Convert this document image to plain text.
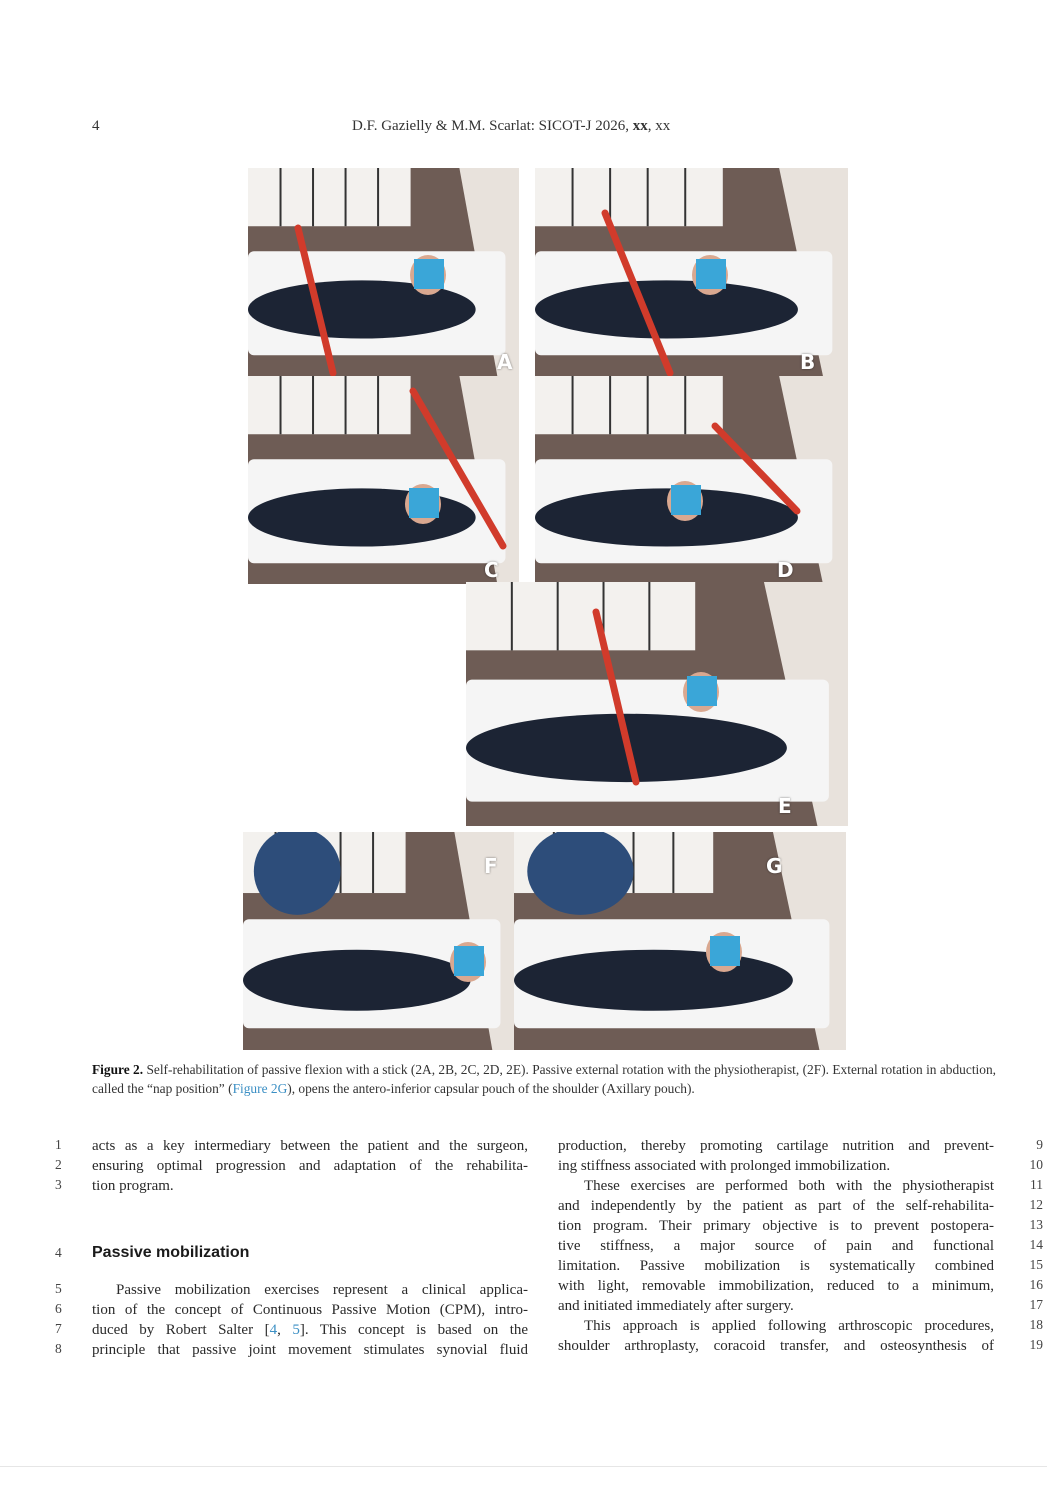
4	D.F. Gazielly & M.M. Scarlat: SICOT-J 2026, xx, xx
A	B
C	D
E
F	G
Figure 2. Self-rehabilitation of passive flexion with a stick (2A, 2B, 2C, 2D, 2E). Passive external rotation with the physiotherapist, (2F). External rotation in abduction, called the “nap position” (Figure 2G), opens the antero-inferior capsular pouch of the shoulder (Axillary pouch).
acts as a key intermediary between the patient and the surgeon,
ensuring optimal progression and adaptation of the rehabilita-
tion program.
Passive mobilization
Passive mobilization exercises represent a clinical applica-
tion of the concept of Continuous Passive Motion (CPM), intro-
duced by Robert Salter [4, 5]. This concept is based on the
principle that passive joint movement stimulates synovial fluid
1
2
3
4
5
6
7
8
production, thereby promoting cartilage nutrition and prevent-
ing stiffness associated with prolonged immobilization.
These exercises are performed both with the physiotherapist
and independently by the patient as part of the self-rehabilita-
tion program. Their primary objective is to prevent postopera-
tive stiffness, a major source of pain and functional
limitation. Passive mobilization is systematically combined
with light, removable immobilization, reduced to a minimum,
and initiated immediately after surgery.
This approach is applied following arthroscopic procedures,
shoulder arthroplasty, coracoid transfer, and osteosynthesis of
9
10
11
12
13
14
15
16
17
18
19
